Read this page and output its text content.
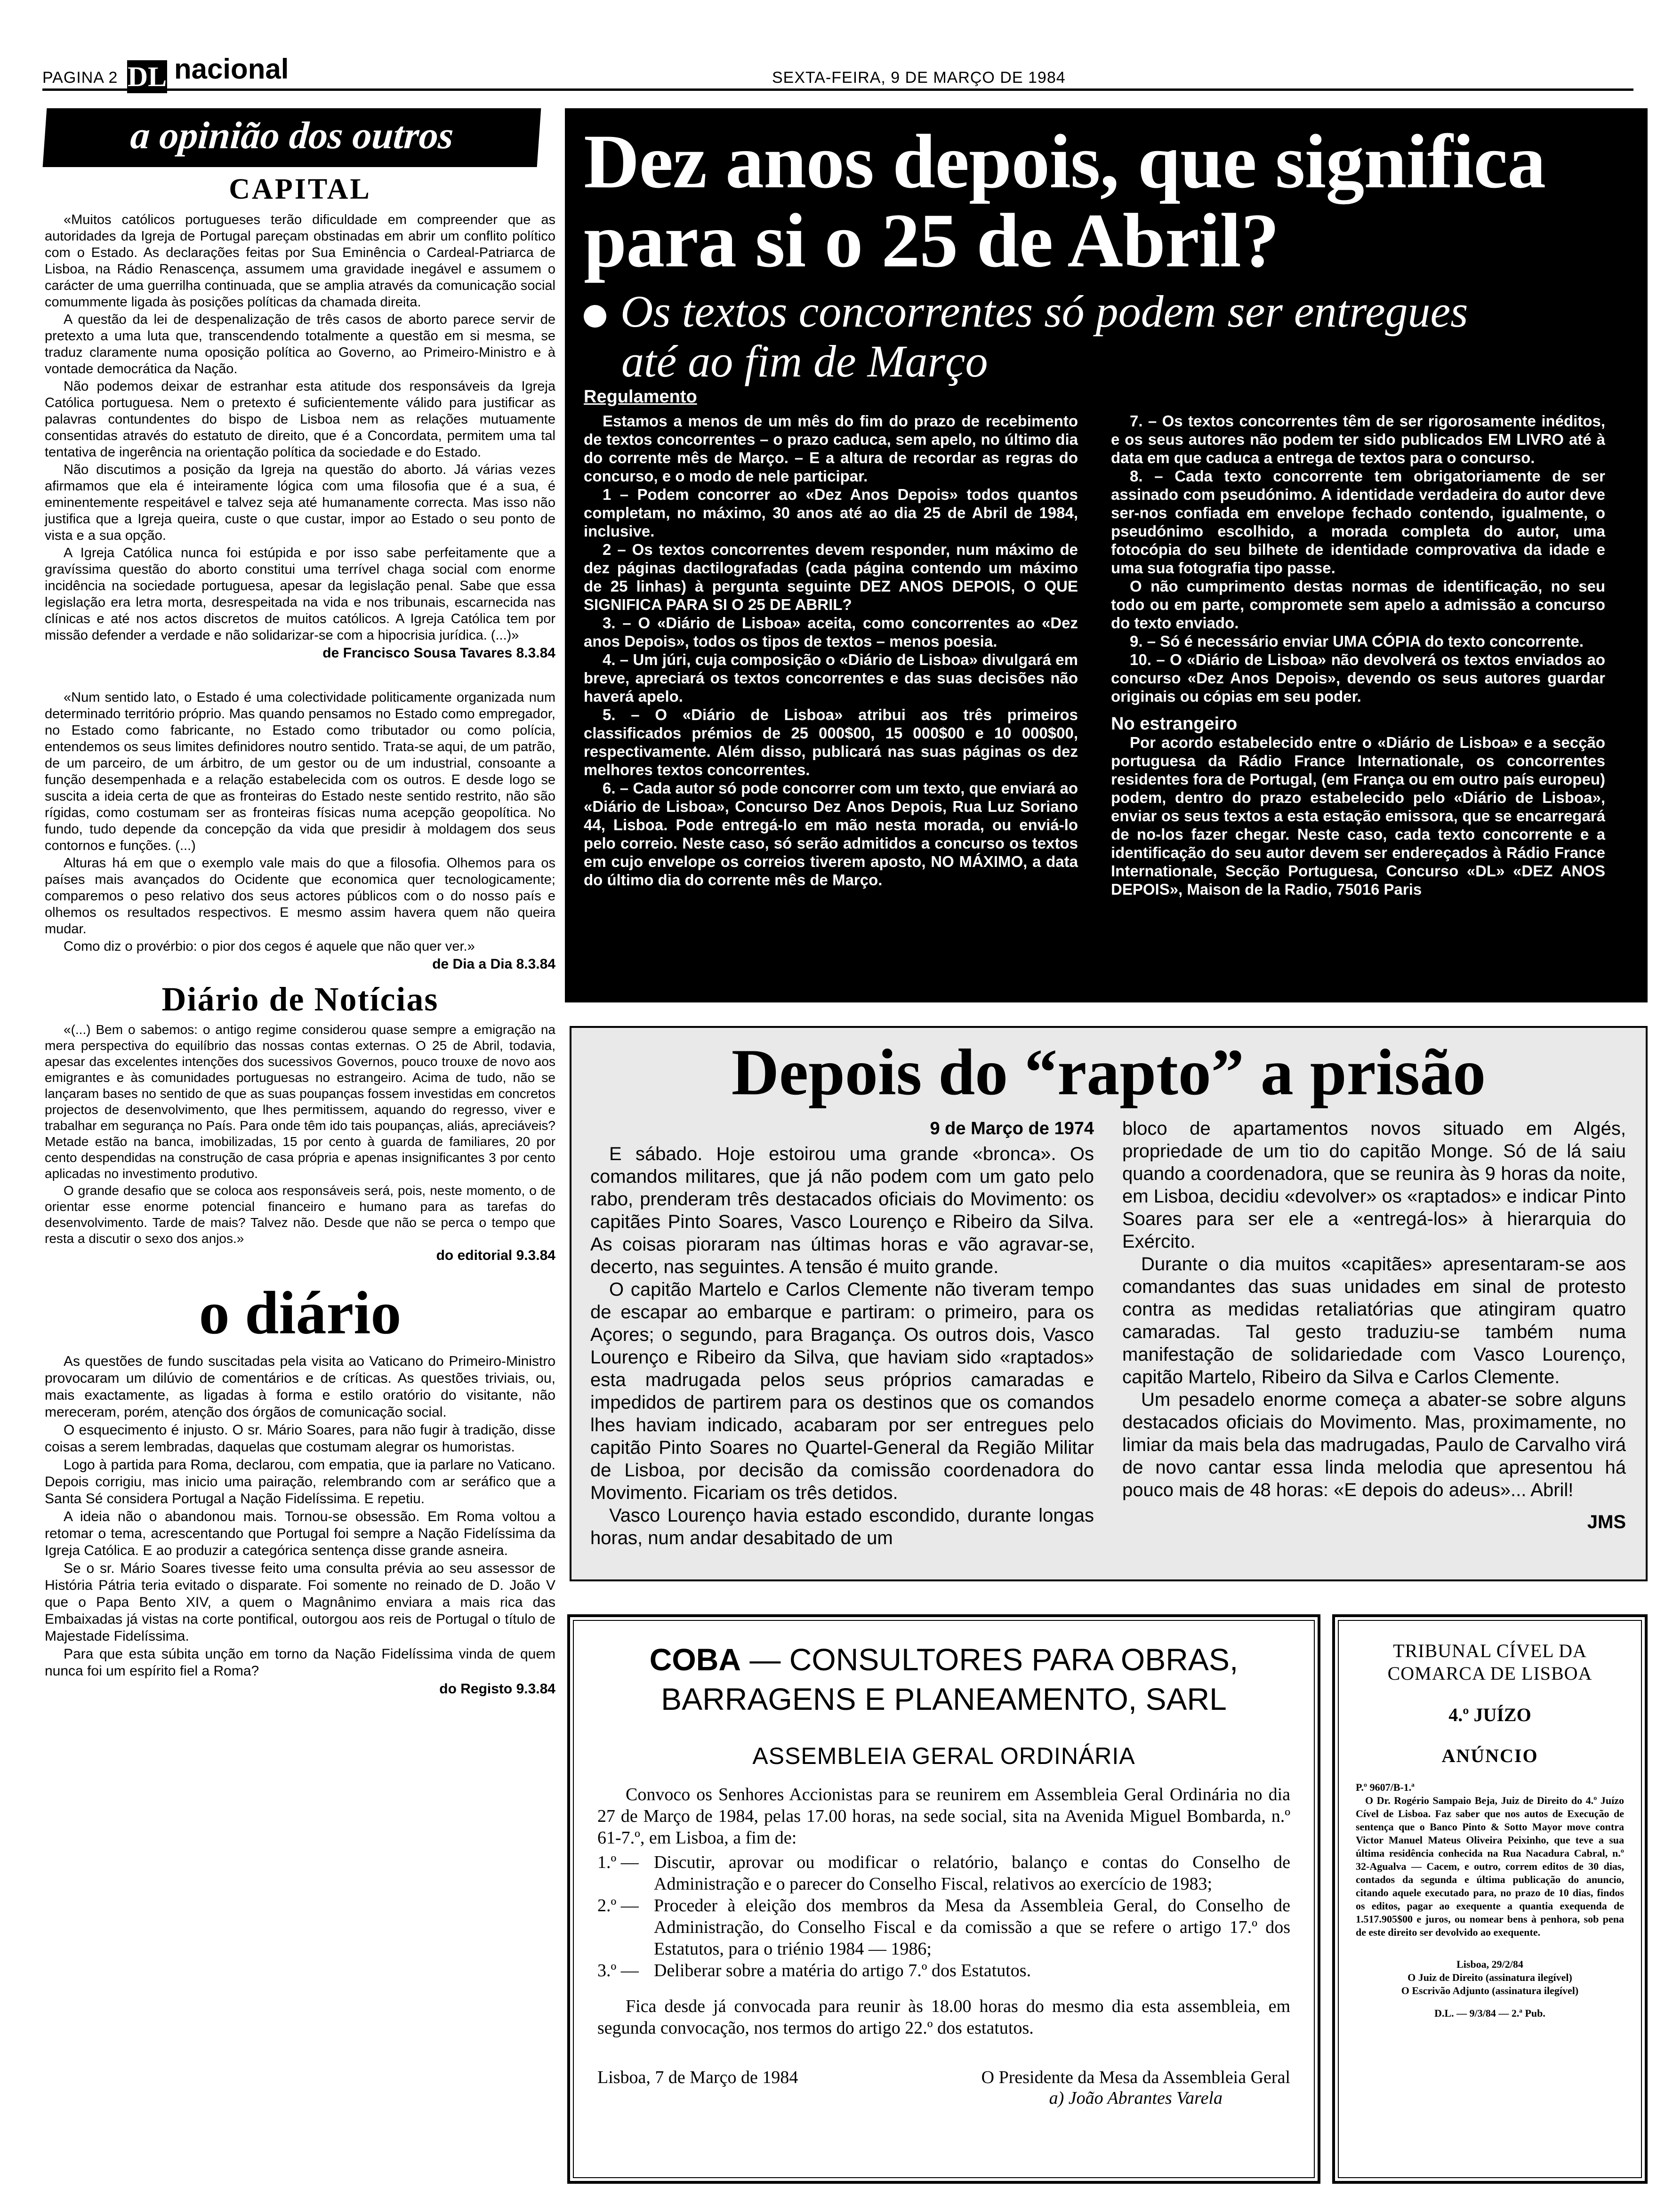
PAGINA 2 DL nacional	SEXTA-FEIRA, 9 DE MARÇO DE 1984
a opinião dos outros
CAPITAL

«Muitos católicos portugueses terão dificuldade em compreender que as autoridades da Igreja de Portugal pareçam obstinadas em abrir um conflito político com o Estado. As declarações feitas por Sua Eminência o Cardeal-Patriarca de Lisboa, na Rádio Renascença, assumem uma gravidade inegável e assumem o carácter de uma guerrilha continuada, que se amplia através da comunicação social comummente ligada às posições políticas da chamada direita.

A questão da lei de despenalização de três casos de aborto parece servir de pretexto a uma luta que, transcendendo totalmente a questão em si mesma, se traduz claramente numa oposição política ao Governo, ao Primeiro-Ministro e à vontade democrática da Nação.

Não podemos deixar de estranhar esta atitude dos responsáveis da Igreja Católica portuguesa. Nem o pretexto é suficientemente válido para justificar as palavras contundentes do bispo de Lisboa nem as relações mutuamente consentidas através do estatuto de direito, que é a Concordata, permitem uma tal tentativa de ingerência na orientação política da sociedade e do Estado.

Não discutimos a posição da Igreja na questão do aborto. Já várias vezes afirmamos que ela é inteiramente lógica com uma filosofia que é a sua, é eminentemente respeitável e talvez seja até humanamente correcta. Mas isso não justifica que a Igreja queira, custe o que custar, impor ao Estado o seu ponto de vista e a sua opção.

A Igreja Católica nunca foi estúpida e por isso sabe perfeitamente que a gravíssima questão do aborto constitui uma terrível chaga social com enorme incidência na sociedade portuguesa, apesar da legislação penal. Sabe que essa legislação era letra morta, desrespeitada na vida e nos tribunais, escarnecida nas clínicas e até nos actos discretos de muitos católicos. A Igreja Católica tem por missão defender a verdade e não solidarizar-se com a hipocrisia jurídica. (...)»

de Francisco Sousa Tavares 8.3.84

«Num sentido lato, o Estado é uma colectividade politicamente organizada num determinado território próprio. Mas quando pensamos no Estado como empregador, no Estado como fabricante, no Estado como tributador ou como polícia, entendemos os seus limites definidores noutro sentido. Trata-se aqui, de um patrão, de um parceiro, de um árbitro, de um gestor ou de um industrial, consoante a função desempenhada e a relação estabelecida com os outros. E desde logo se suscita a ideia certa de que as fronteiras do Estado neste sentido restrito, não são rígidas, como costumam ser as fronteiras físicas numa acepção geopolítica. No fundo, tudo depende da concepção da vida que presidir à moldagem dos seus contornos e funções. (...)

Alturas há em que o exemplo vale mais do que a filosofia. Olhemos para os países mais avançados do Ocidente que economica quer tecnologicamente; comparemos o peso relativo dos seus actores públicos com o do nosso país e olhemos os resultados respectivos. E mesmo assim havera quem não queira mudar.

Como diz o provérbio: o pior dos cegos é aquele que não quer ver.»

de Dia a Dia 8.3.84

Diário de Notícias

«(...) Bem o sabemos: o antigo regime considerou quase sempre a emigração na mera perspectiva do equilíbrio das nossas contas externas. O 25 de Abril, todavia, apesar das excelentes intenções dos sucessivos Governos, pouco trouxe de novo aos emigrantes e às comunidades portuguesas no estrangeiro. Acima de tudo, não se lançaram bases no sentido de que as suas poupanças fossem investidas em concretos projectos de desenvolvimento, que lhes permitissem, aquando do regresso, viver e trabalhar em segurança no País. Para onde têm ido tais poupanças, aliás, apreciáveis? Metade estão na banca, imobilizadas, 15 por cento à guarda de familiares, 20 por cento despendidas na construção de casa própria e apenas insignificantes 3 por cento aplicadas no investimento produtivo.

O grande desafio que se coloca aos responsáveis será, pois, neste momento, o de orientar esse enorme potencial financeiro e humano para as tarefas do desenvolvimento. Tarde de mais? Talvez não. Desde que não se perca o tempo que resta a discutir o sexo dos anjos.»

do editorial 9.3.84

o diário

As questões de fundo suscitadas pela visita ao Vaticano do Primeiro-Ministro provocaram um dilúvio de comentários e de críticas. As questões triviais, ou, mais exactamente, as ligadas à forma e estilo oratório do visitante, não mereceram, porém, atenção dos órgãos de comunicação social.

O esquecimento é injusto. O sr. Mário Soares, para não fugir à tradição, disse coisas a serem lembradas, daquelas que costumam alegrar os humoristas.

Logo à partida para Roma, declarou, com empatia, que ia parlare no Vaticano. Depois corrigiu, mas inicio uma pairação, relembrando com ar seráfico que a Santa Sé considera Portugal a Nação Fidelíssima. E repetiu.

A ideia não o abandonou mais. Tornou-se obsessão. Em Roma voltou a retomar o tema, acrescentando que Portugal foi sempre a Nação Fidelíssima da Igreja Católica. E ao produzir a categórica sentença disse grande asneira.

Se o sr. Mário Soares tivesse feito uma consulta prévia ao seu assessor de História Pátria teria evitado o disparate. Foi somente no reinado de D. João V que o Papa Bento XIV, a quem o Magnânimo enviara a mais rica das Embaixadas já vistas na corte pontifical, outorgou aos reis de Portugal o título de Majestade Fidelíssima.

Para que esta súbita unção em torno da Nação Fidelíssima vinda de quem nunca foi um espírito fiel a Roma?

do Registo 9.3.84

Dez anos depois, que significa para si o 25 de Abril?
Os textos concorrentes só podem ser entregues
até ao fim de Março
Regulamento

Estamos a menos de um mês do fim do prazo de recebimento de textos concorrentes – o prazo caduca, sem apelo, no último dia do corrente mês de Março. – E a altura de recordar as regras do concurso, e o modo de nele participar.

1 – Podem concorrer ao «Dez Anos Depois» todos quantos completam, no máximo, 30 anos até ao dia 25 de Abril de 1984, inclusive.

2 – Os textos concorrentes devem responder, num máximo de dez páginas dactilografadas (cada página contendo um máximo de 25 linhas) à pergunta seguinte DEZ ANOS DEPOIS, O QUE SIGNIFICA PARA SI O 25 DE ABRIL?

3. – O «Diário de Lisboa» aceita, como concorrentes ao «Dez anos Depois», todos os tipos de textos – menos poesia.

4. – Um júri, cuja composição o «Diário de Lisboa» divulgará em breve, apreciará os textos concorrentes e das suas decisões não haverá apelo.

5. – O «Diário de Lisboa» atribui aos três primeiros classificados prémios de 25 000$00, 15 000$00 e 10 000$00, respectivamente. Além disso, publicará nas suas páginas os dez melhores textos concorrentes.

6. – Cada autor só pode concorrer com um texto, que enviará ao «Diário de Lisboa», Concurso Dez Anos Depois, Rua Luz Soriano 44, Lisboa. Pode entregá-lo em mão nesta morada, ou enviá-lo pelo correio. Neste caso, só serão admitidos a concurso os textos em cujo envelope os correios tiverem aposto, NO MÁXIMO, a data do último dia do corrente mês de Março.

7. – Os textos concorrentes têm de ser rigorosamente inéditos, e os seus autores não podem ter sido publicados EM LIVRO até à data em que caduca a entrega de textos para o concurso.

8. – Cada texto concorrente tem obrigatoriamente de ser assinado com pseudónimo. A identidade verdadeira do autor deve ser-nos confiada em envelope fechado contendo, igualmente, o pseudónimo escolhido, a morada completa do autor, uma fotocópia do seu bilhete de identidade comprovativa da idade e uma sua fotografia tipo passe.

O não cumprimento destas normas de identificação, no seu todo ou em parte, compromete sem apelo a admissão a concurso do texto enviado.

9. – Só é necessário enviar UMA CÓPIA do texto concorrente.

10. – O «Diário de Lisboa» não devolverá os textos enviados ao concurso «Dez Anos Depois», devendo os seus autores guardar originais ou cópias em seu poder.

No estrangeiro

Por acordo estabelecido entre o «Diário de Lisboa» e a secção portuguesa da Rádio France Internationale, os concorrentes residentes fora de Portugal, (em França ou em outro país europeu) podem, dentro do prazo estabelecido pelo «Diário de Lisboa», enviar os seus textos a esta estação emissora, que se encarregará de no-los fazer chegar. Neste caso, cada texto concorrente e a identificação do seu autor devem ser endereçados à Rádio France Internationale, Secção Portuguesa, Concurso «DL» «DEZ ANOS DEPOIS», Maison de la Radio, 75016 Paris

Depois do “rapto” a prisão

9 de Março de 1974

E sábado. Hoje estoirou uma grande «bronca». Os comandos militares, que já não podem com um gato pelo rabo, prenderam três destacados oficiais do Movimento: os capitães Pinto Soares, Vasco Lourenço e Ribeiro da Silva. As coisas pioraram nas últimas horas e vão agravar-se, decerto, nas seguintes. A tensão é muito grande.

O capitão Martelo e Carlos Clemente não tiveram tempo de escapar ao embarque e partiram: o primeiro, para os Açores; o segundo, para Bragança. Os outros dois, Vasco Lourenço e Ribeiro da Silva, que haviam sido «raptados» esta madrugada pelos seus próprios camaradas e impedidos de partirem para os destinos que os comandos lhes haviam indicado, acabaram por ser entregues pelo capitão Pinto Soares no Quartel-General da Região Militar de Lisboa, por decisão da comissão coordenadora do Movimento. Ficariam os três detidos.

Vasco Lourenço havia estado escondido, durante longas horas, num andar desabitado de um

bloco de apartamentos novos situado em Algés, propriedade de um tio do capitão Monge. Só de lá saiu quando a coordenadora, que se reunira às 9 horas da noite, em Lisboa, decidiu «devolver» os «raptados» e indicar Pinto Soares para ser ele a «entregá-los» à hierarquia do Exército.

Durante o dia muitos «capitães» apresentaram-se aos comandantes das suas unidades em sinal de protesto contra as medidas retaliatórias que atingiram quatro camaradas. Tal gesto traduziu-se também numa manifestação de solidariedade com Vasco Lourenço, capitão Martelo, Ribeiro da Silva e Carlos Clemente.

Um pesadelo enorme começa a abater-se sobre alguns destacados oficiais do Movimento. Mas, proximamente, no limiar da mais bela das madrugadas, Paulo de Carvalho virá de novo cantar essa linda melodia que apresentou há pouco mais de 48 horas: «E depois do adeus»... Abril!

JMS

COBA — CONSULTORES PARA OBRAS, BARRAGENS E PLANEAMENTO, SARL
ASSEMBLEIA GERAL ORDINÁRIA

Convoco os Senhores Accionistas para se reunirem em Assembleia Geral Ordinária no dia 27 de Março de 1984, pelas 17.00 horas, na sede social, sita na Avenida Miguel Bombarda, n.º 61-7.º, em Lisboa, a fim de:

1.º — Discutir, aprovar ou modificar o relatório, balanço e contas do Conselho de Administração e o parecer do Conselho Fiscal, relativos ao exercício de 1983;
2.º — Proceder à eleição dos membros da Mesa da Assembleia Geral, do Conselho de Administração, do Conselho Fiscal e da comissão a que se refere o artigo 17.º dos Estatutos, para o triénio 1984 — 1986;
3.º — Deliberar sobre a matéria do artigo 7.º dos Estatutos.

Fica desde já convocada para reunir às 18.00 horas do mesmo dia esta assembleia, em segunda convocação, nos termos do artigo 22.º dos estatutos.

Lisboa, 7 de Março de 1984	O Presidente da Mesa da Assembleia Geral
a) João Abrantes Varela
TRIBUNAL CÍVEL DA COMARCA DE LISBOA
4.º JUÍZO
ANÚNCIO

P.º 9607/B-1.ª

O Dr. Rogério Sampaio Beja, Juiz de Direito do 4.º Juízo Cível de Lisboa. Faz saber que nos autos de Execução de sentença que o Banco Pinto & Sotto Mayor move contra Victor Manuel Mateus Oliveira Peixinho, que teve a sua última residência conhecida na Rua Nacadura Cabral, n.º 32-Agualva — Cacem, e outro, correm editos de 30 dias, contados da segunda e última publicação do anuncio, citando aquele executado para, no prazo de 10 dias, findos os editos, pagar ao exequente a quantia exequenda de 1.517.905$00 e juros, ou nomear bens à penhora, sob pena de este direito ser devolvido ao exequente.

Lisboa, 29/2/84
O Juiz de Direito (assinatura ilegível)
O Escrivão Adjunto (assinatura ilegível)
D.L. — 9/3/84 — 2.ª Pub.
